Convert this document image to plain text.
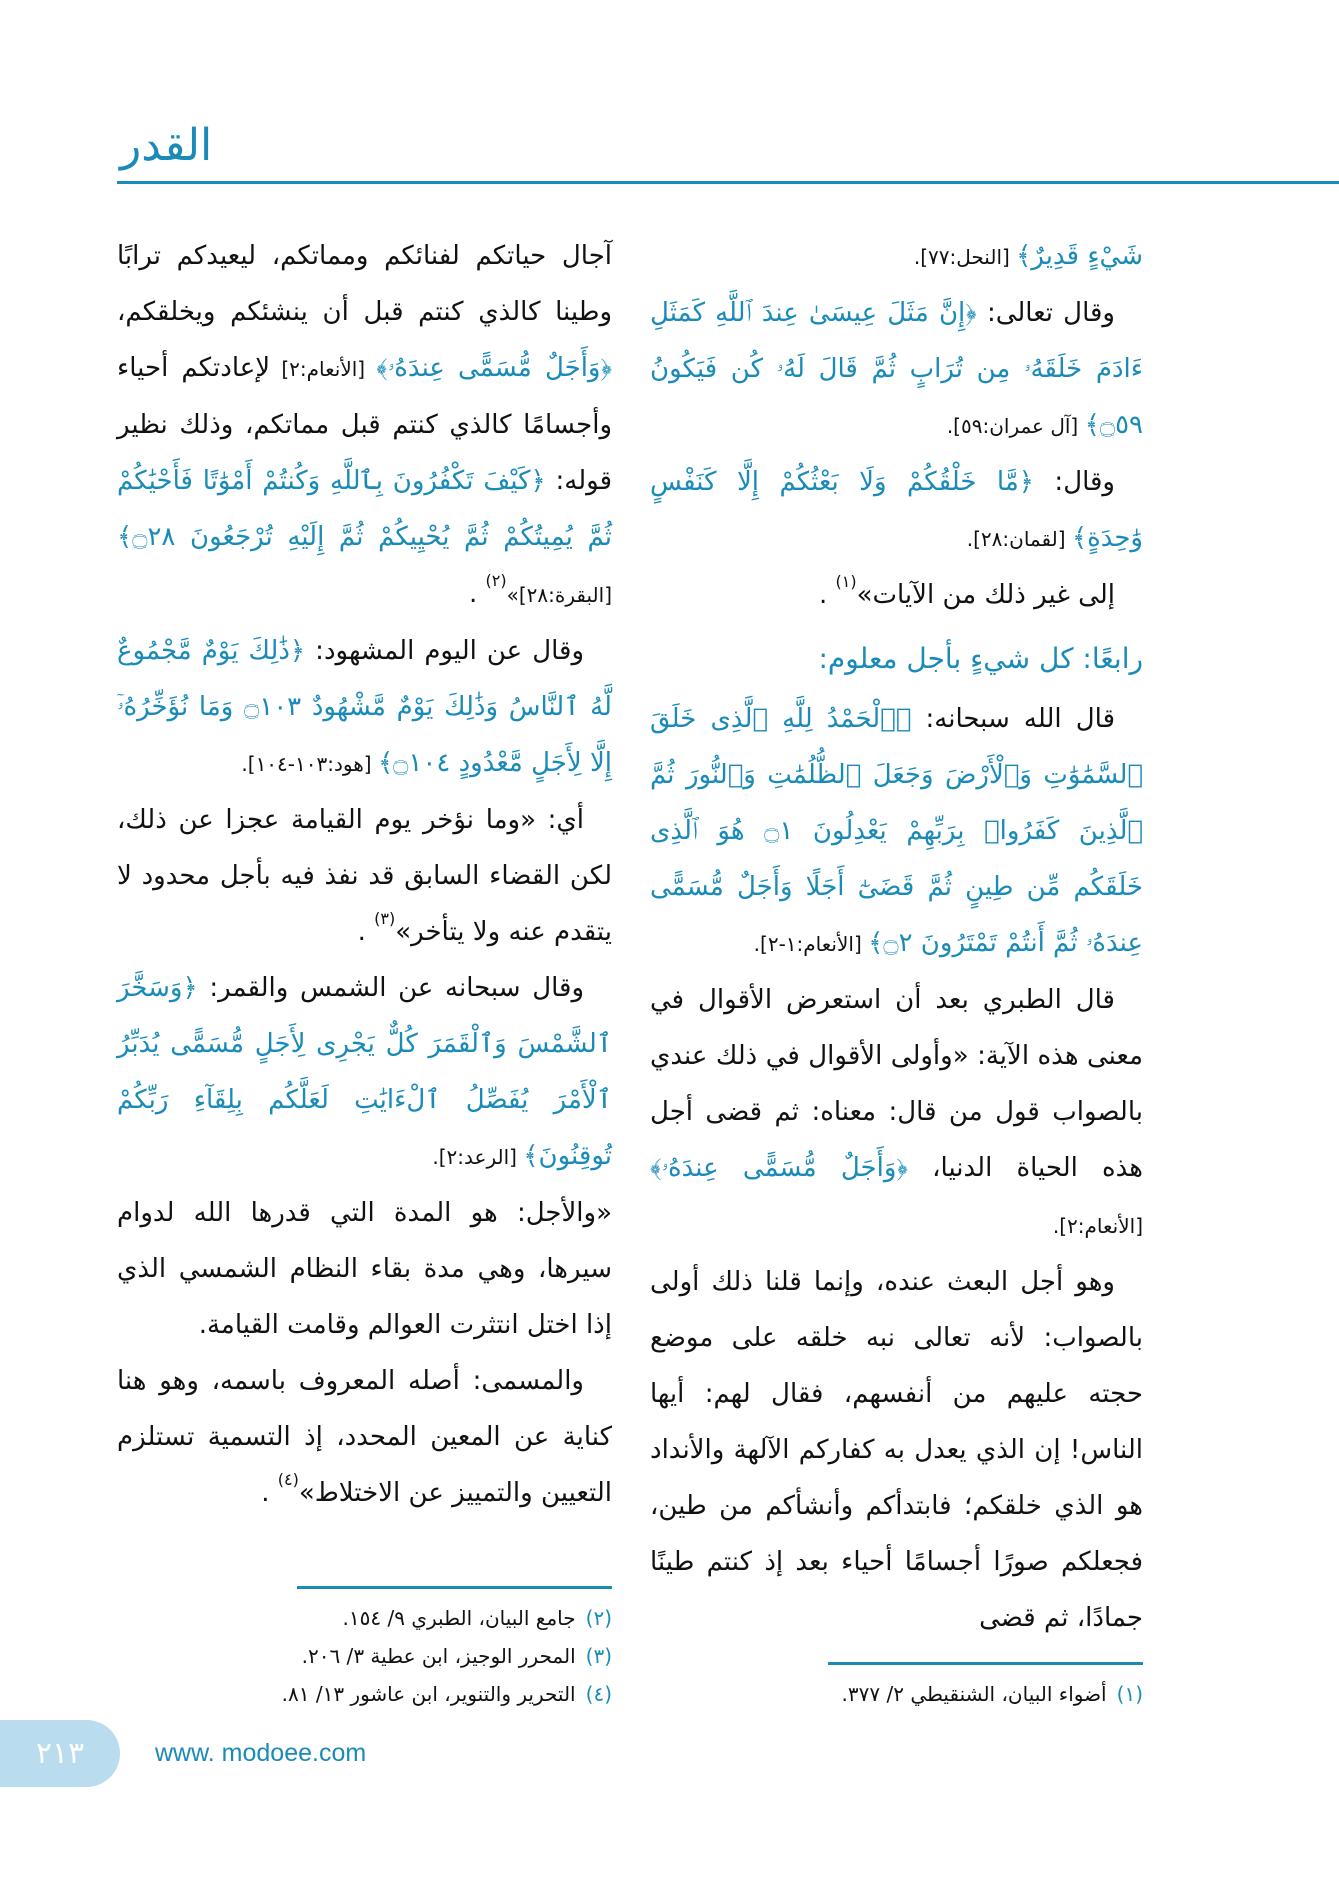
القدر

آجال حياتكم لفنائكم ومماتكم، ليعيدكم ترابًا وطينا كالذي كنتم قبل أن ينشئكم ويخلقكم، ﴿وَأَجَلٌ مُّسَمًّى عِندَهُۥ﴾ [الأنعام:٢] لإعادتكم أحياء وأجسامًا كالذي كنتم قبل مماتكم، وذلك نظير قوله: ﴿كَيْفَ تَكْفُرُونَ بِٱللَّهِ وَكُنتُمْ أَمْوَٰتًا فَأَحْيَٰكُمْ ثُمَّ يُمِيتُكُمْ ثُمَّ يُحْيِيكُمْ ثُمَّ إِلَيْهِ تُرْجَعُونَ ۝٢٨﴾ [البقرة:٢٨]»$^{(٢)}$ .

وقال عن اليوم المشهود: ﴿ذَٰلِكَ يَوْمٌ مَّجْمُوعٌ لَّهُ ٱلنَّاسُ وَذَٰلِكَ يَوْمٌ مَّشْهُودٌ ۝١٠٣ وَمَا نُؤَخِّرُهُۥٓ إِلَّا لِأَجَلٍ مَّعْدُودٍ ۝١٠٤﴾ [هود:١٠٣-١٠٤].

أي: «وما نؤخر يوم القيامة عجزا عن ذلك، لكن القضاء السابق قد نفذ فيه بأجل محدود لا يتقدم عنه ولا يتأخر»$^{(٣)}$ .

وقال سبحانه عن الشمس والقمر: ﴿وَسَخَّرَ ٱلشَّمْسَ وَٱلْقَمَرَ كُلٌّ يَجْرِى لِأَجَلٍ مُّسَمًّى يُدَبِّرُ ٱلْأَمْرَ يُفَصِّلُ ٱلْءَايَٰتِ لَعَلَّكُم بِلِقَآءِ رَبِّكُمْ تُوقِنُونَ﴾ [الرعد:٢].

«والأجل: هو المدة التي قدرها الله لدوام سيرها، وهي مدة بقاء النظام الشمسي الذي إذا اختل انتثرت العوالم وقامت القيامة.

والمسمى: أصله المعروف باسمه، وهو هنا كناية عن المعين المحدد، إذ التسمية تستلزم التعيين والتمييز عن الاختلاط»$^{(٤)}$ .

(٢)جامع البيان، الطبري ٩/ ١٥٤.
(٣)المحرر الوجيز، ابن عطية ٣/ ٢٠٦.
(٤)التحرير والتنوير، ابن عاشور ١٣/ ٨١.

شَيْءٍ قَدِيرٌ﴾ [النحل:٧٧].

وقال تعالى: ﴿إِنَّ مَثَلَ عِيسَىٰ عِندَ ٱللَّهِ كَمَثَلِ ءَادَمَ خَلَقَهُۥ مِن تُرَابٍ ثُمَّ قَالَ لَهُۥ كُن فَيَكُونُ ۝٥٩﴾ [آل عمران:٥٩].

وقال: ﴿مَّا خَلْقُكُمْ وَلَا بَعْثُكُمْ إِلَّا كَنَفْسٍ وَٰحِدَةٍ﴾ [لقمان:٢٨].

إلى غير ذلك من الآيات»$^{(١)}$ .

رابعًا: كل شيءٍ بأجل معلوم:

قال الله سبحانه: ﴿ٱلْحَمْدُ لِلَّهِ ٱلَّذِى خَلَقَ ٱلسَّمَٰوَٰتِ وَٱلْأَرْضَ وَجَعَلَ ٱلظُّلُمَٰتِ وَٱلنُّورَ ثُمَّ ٱلَّذِينَ كَفَرُوا۟ بِرَبِّهِمْ يَعْدِلُونَ ۝١ هُوَ ٱلَّذِى خَلَقَكُم مِّن طِينٍ ثُمَّ قَضَىٰٓ أَجَلًا وَأَجَلٌ مُّسَمًّى عِندَهُۥ ثُمَّ أَنتُمْ تَمْتَرُونَ ۝٢﴾ [الأنعام:١-٢].

قال الطبري بعد أن استعرض الأقوال في معنى هذه الآية: «وأولى الأقوال في ذلك عندي بالصواب قول من قال: معناه: ثم قضى أجل هذه الحياة الدنيا، ﴿وَأَجَلٌ مُّسَمًّى عِندَهُۥ﴾ [الأنعام:٢].

وهو أجل البعث عنده، وإنما قلنا ذلك أولى بالصواب: لأنه تعالى نبه خلقه على موضع حجته عليهم من أنفسهم، فقال لهم: أيها الناس! إن الذي يعدل به كفاركم الآلهة والأنداد هو الذي خلقكم؛ فابتدأكم وأنشأكم من طين، فجعلكم صورًا أجسامًا أحياء بعد إذ كنتم طينًا جمادًا، ثم قضى

(١)أضواء البيان، الشنقيطي ٢/ ٣٧٧.
٢١٣	www. modoee.com
